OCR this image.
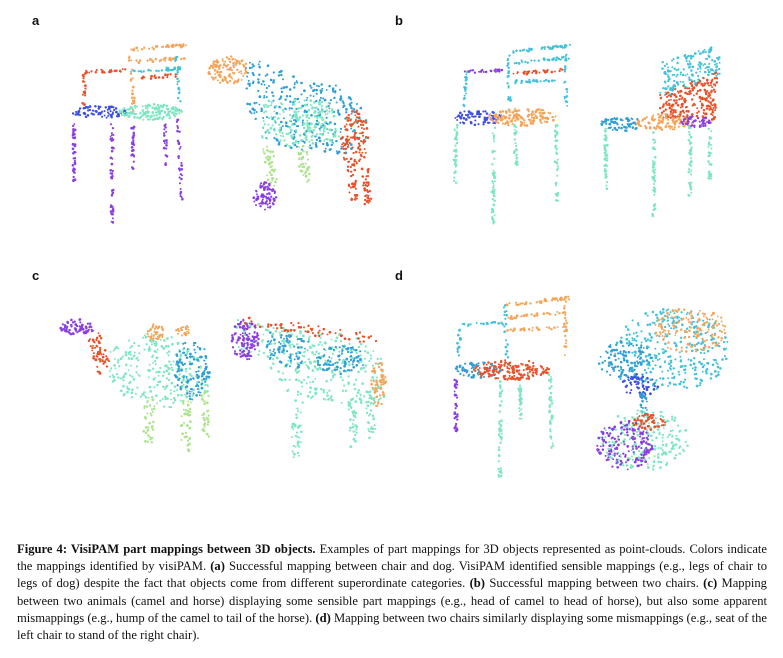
a	b
c	d
Figure 4: VisiPAM part mappings between 3D objects. Examples of part mappings for 3D objects represented as point-clouds. Colors indicate the mappings identified by visiPAM. (a) Successful mapping between chair and dog. VisiPAM identified sensible mappings (e.g., legs of chair to legs of dog) despite the fact that objects come from different superordinate categories. (b) Successful mapping between two chairs. (c) Mapping between two animals (camel and horse) displaying some sensible part mappings (e.g., head of camel to head of horse), but also some apparent mismappings (e.g., hump of the camel to tail of the horse). (d) Mapping between two chairs similarly displaying some mismappings (e.g., seat of the left chair to stand of the right chair).
